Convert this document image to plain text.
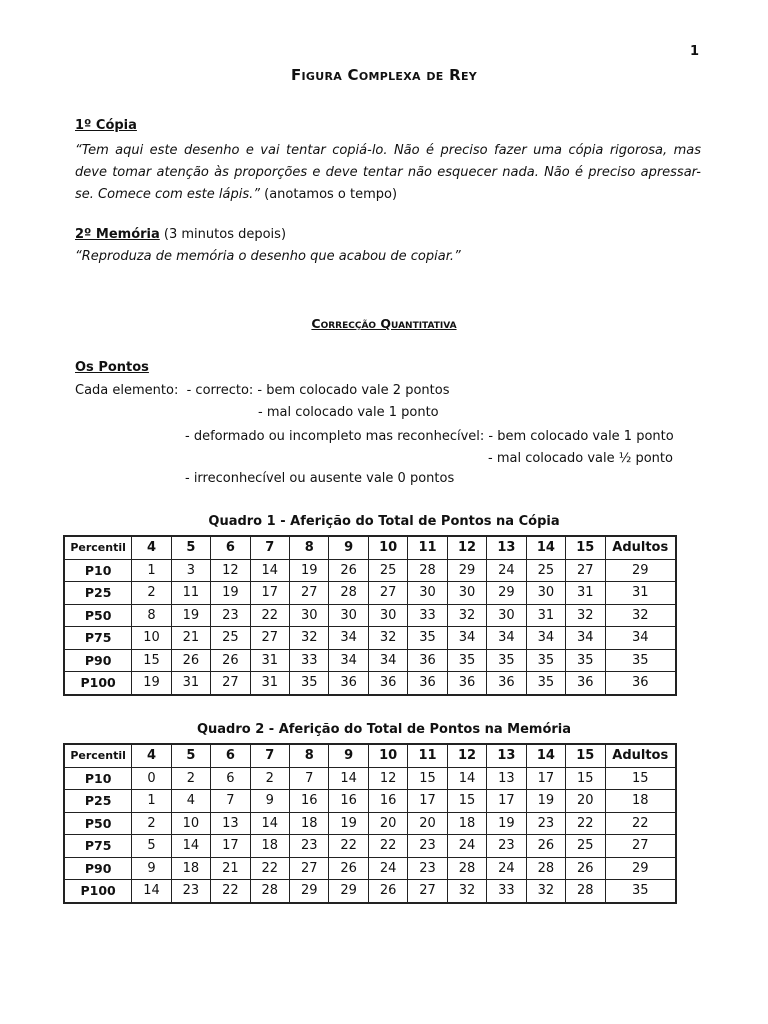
1
Figura Complexa de Rey
1º Cópia
“Tem aqui este desenho e vai tentar copiá-lo. Não é preciso fazer uma cópia rigorosa, mas deve tomar atenção às proporções e deve tentar não esquecer nada. Não é preciso apressar-se. Comece com este lápis.” (anotamos o tempo)
2º Memória (3 minutos depois)
“Reproduza de memória o desenho que acabou de copiar.”
Correcção Quantitativa
Os Pontos
Cada elemento:  - correcto: - bem colocado vale 2 pontos
- mal colocado vale 1 ponto
- deformado ou incompleto mas reconhecível: - bem colocado vale 1 ponto
- mal colocado vale ½ ponto
- irreconhecível ou ausente vale 0 pontos
Quadro 1 - Aferição do Total de Pontos na Cópia
Percentil	4	5	6	7	8	9	10	11	12	13	14	15	Adultos
P10	1	3	12	14	19	26	25	28	29	24	25	27	29
P25	2	11	19	17	27	28	27	30	30	29	30	31	31
P50	8	19	23	22	30	30	30	33	32	30	31	32	32
P75	10	21	25	27	32	34	32	35	34	34	34	34	34
P90	15	26	26	31	33	34	34	36	35	35	35	35	35
P100	19	31	27	31	35	36	36	36	36	36	35	36	36
Quadro 2 - Aferição do Total de Pontos na Memória
Percentil	4	5	6	7	8	9	10	11	12	13	14	15	Adultos
P10	0	2	6	2	7	14	12	15	14	13	17	15	15
P25	1	4	7	9	16	16	16	17	15	17	19	20	18
P50	2	10	13	14	18	19	20	20	18	19	23	22	22
P75	5	14	17	18	23	22	22	23	24	23	26	25	27
P90	9	18	21	22	27	26	24	23	28	24	28	26	29
P100	14	23	22	28	29	29	26	27	32	33	32	28	35
